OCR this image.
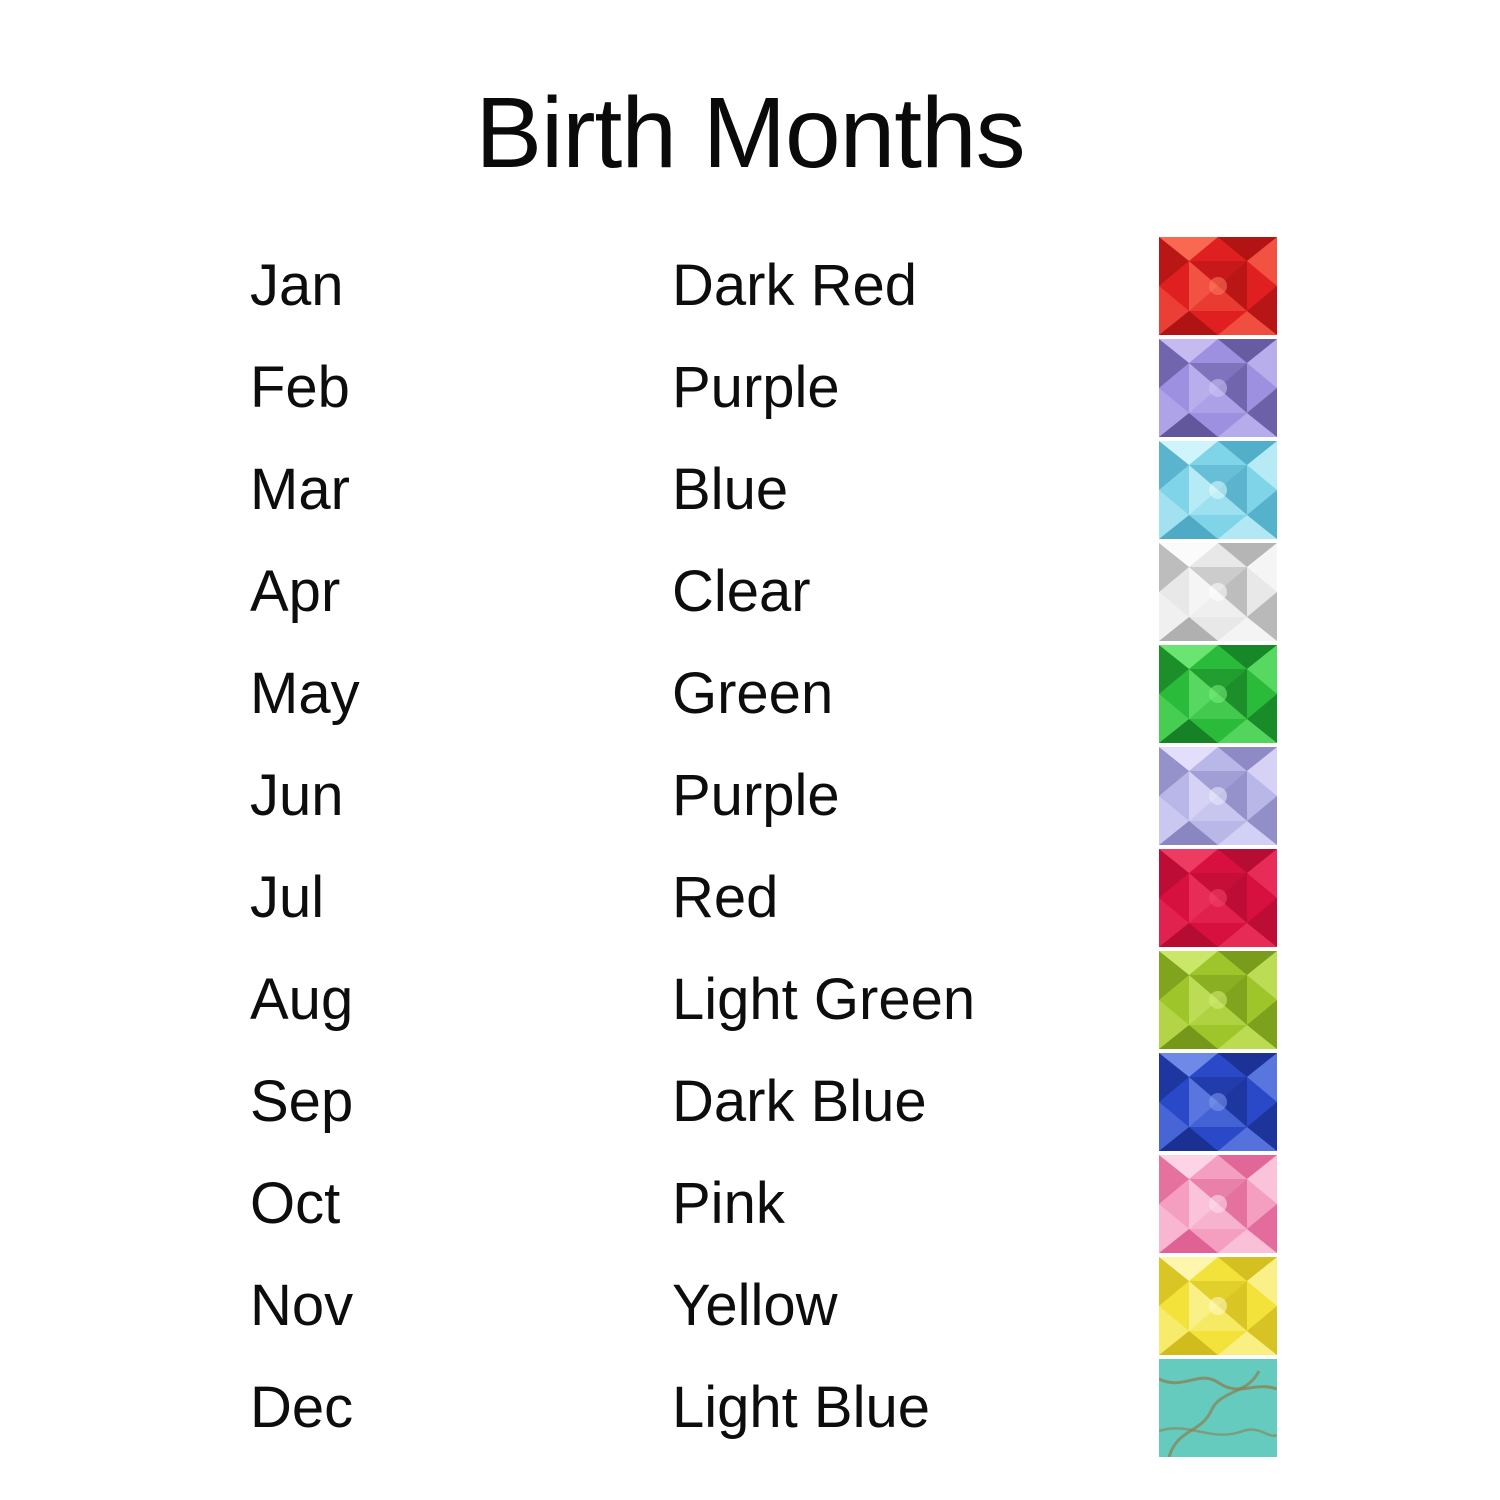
Birth Months
Jan	Dark Red
Feb	Purple
Mar	Blue
Apr	Clear
May	Green
Jun	Purple
Jul	Red
Aug	Light Green
Sep	Dark Blue
Oct	Pink
Nov	Yellow
Dec	Light Blue
